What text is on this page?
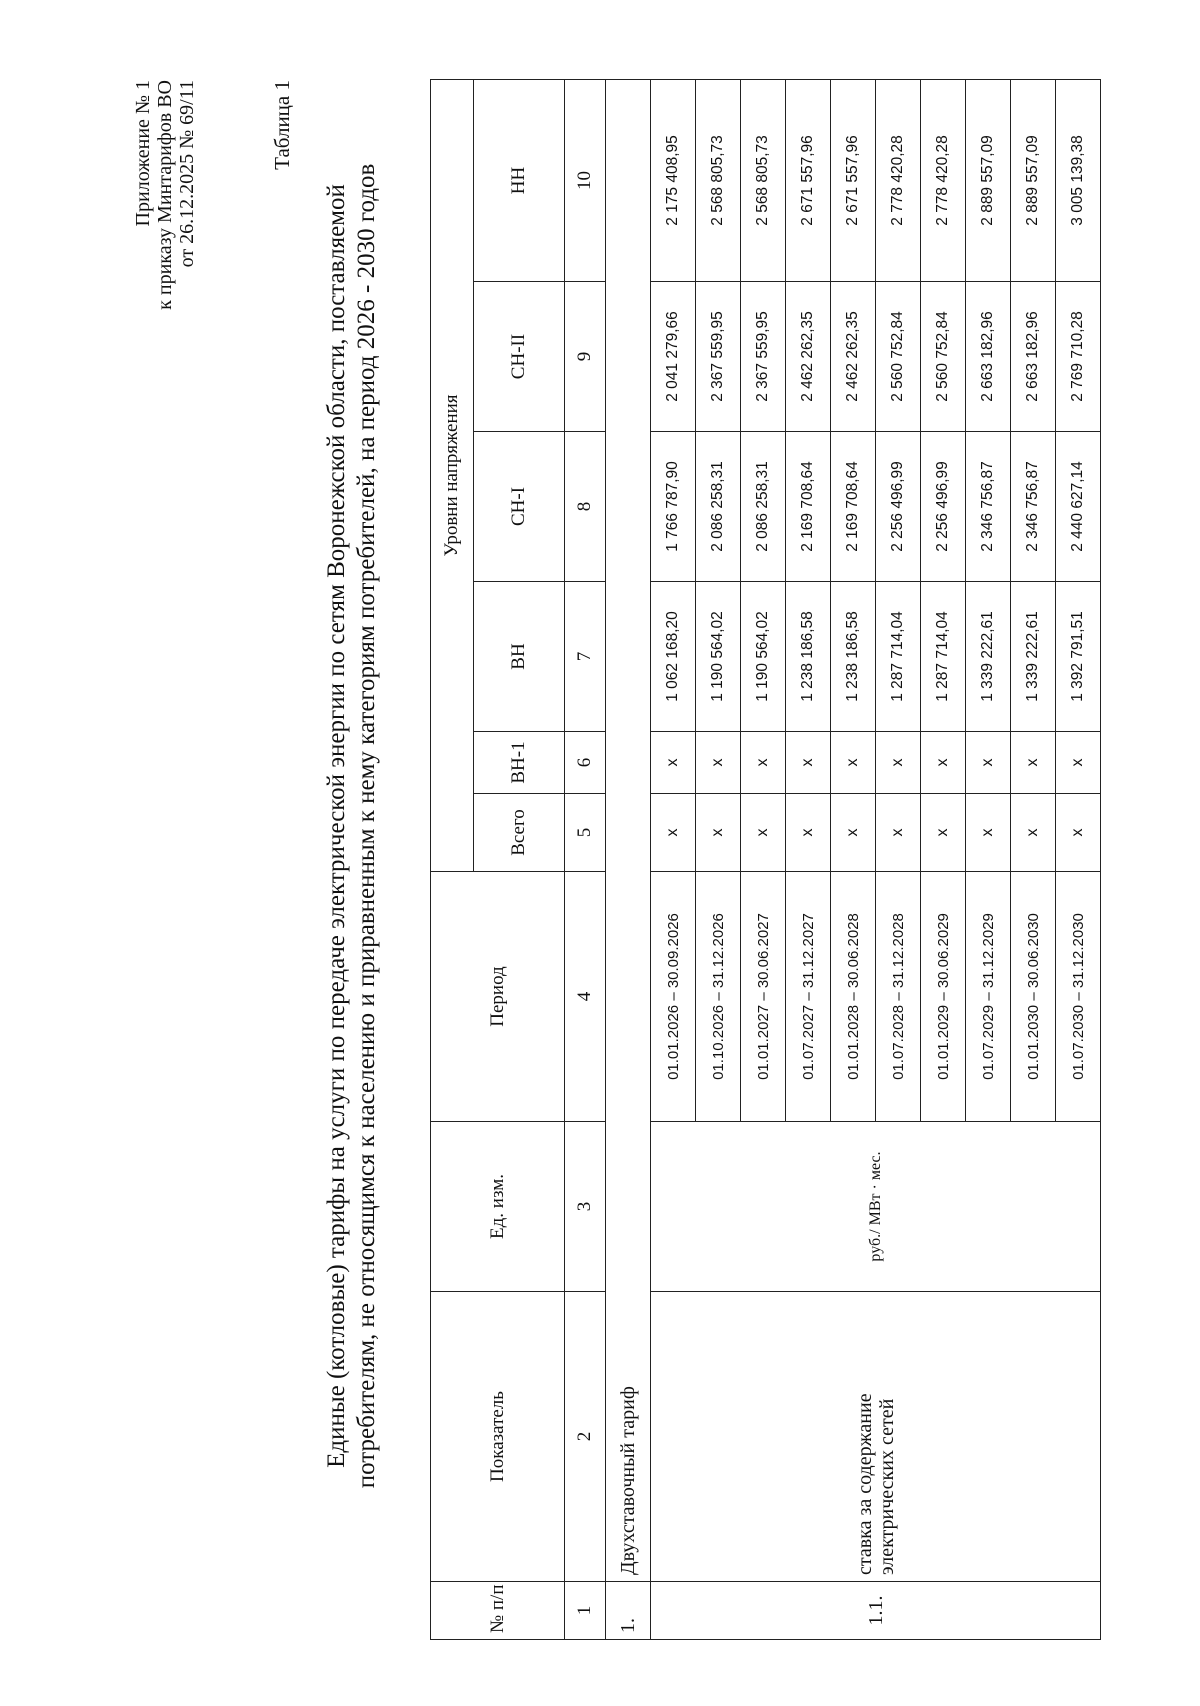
Приложение № 1 к приказу Минтарифов ВО от 26.12.2025 № 69/11	Таблица 1
Единые (котловые) тарифы на услуги по передаче электрической энергии по сетям Воронежской области, поставляемой потребителям, не относящимся к населению и приравненным к нему категориям потребителей, на период 2026 - 2030 годов
№ п/п	Показатель	Ед. изм.	Период	Уровни напряжения					
				Всего	ВН-1	ВН	СН-I	СН-II	НН
1	2	3	4	5	6	7	8	9	10
1.	Двухставочный тариф								
1.1.	ставка за содержание электрических сетей	руб./ МВт · мес.	01.01.2026 – 30.09.2026	х	х	1 062 168,20	1 766 787,90	2 041 279,66	2 175 408,95
			01.10.2026 – 31.12.2026	х	х	1 190 564,02	2 086 258,31	2 367 559,95	2 568 805,73
			01.01.2027 – 30.06.2027	х	х	1 190 564,02	2 086 258,31	2 367 559,95	2 568 805,73
			01.07.2027 – 31.12.2027	х	х	1 238 186,58	2 169 708,64	2 462 262,35	2 671 557,96
			01.01.2028 – 30.06.2028	х	х	1 238 186,58	2 169 708,64	2 462 262,35	2 671 557,96
			01.07.2028 – 31.12.2028	х	х	1 287 714,04	2 256 496,99	2 560 752,84	2 778 420,28
			01.01.2029 – 30.06.2029	х	х	1 287 714,04	2 256 496,99	2 560 752,84	2 778 420,28
			01.07.2029 – 31.12.2029	х	х	1 339 222,61	2 346 756,87	2 663 182,96	2 889 557,09
			01.01.2030 – 30.06.2030	х	х	1 339 222,61	2 346 756,87	2 663 182,96	2 889 557,09
			01.07.2030 – 31.12.2030	х	х	1 392 791,51	2 440 627,14	2 769 710,28	3 005 139,38
